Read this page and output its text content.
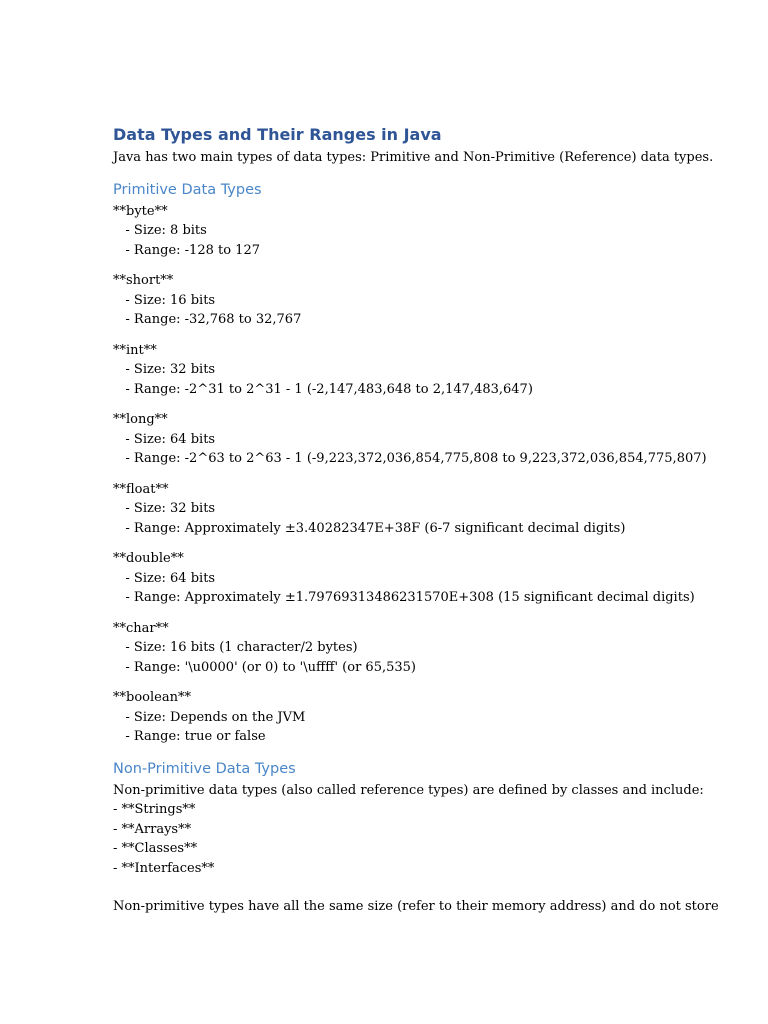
Data Types and Their Ranges in Java
Java has two main types of data types: Primitive and Non-Primitive (Reference) data types.
Primitive Data Types
**byte**
- Size: 8 bits
- Range: -128 to 127
**short**
- Size: 16 bits
- Range: -32,768 to 32,767
**int**
- Size: 32 bits
- Range: -2^31 to 2^31 - 1 (-2,147,483,648 to 2,147,483,647)
**long**
- Size: 64 bits
- Range: -2^63 to 2^63 - 1 (-9,223,372,036,854,775,808 to 9,223,372,036,854,775,807)
**float**
- Size: 32 bits
- Range: Approximately ±3.40282347E+38F (6-7 significant decimal digits)
**double**
- Size: 64 bits
- Range: Approximately ±1.79769313486231570E+308 (15 significant decimal digits)
**char**
- Size: 16 bits (1 character/2 bytes)
- Range: '\u0000' (or 0) to '\uffff' (or 65,535)
**boolean**
- Size: Depends on the JVM
- Range: true or false
Non-Primitive Data Types
Non-primitive data types (also called reference types) are defined by classes and include:
- **Strings**
- **Arrays**
- **Classes**
- **Interfaces**
Non-primitive types have all the same size (refer to their memory address) and do not store
